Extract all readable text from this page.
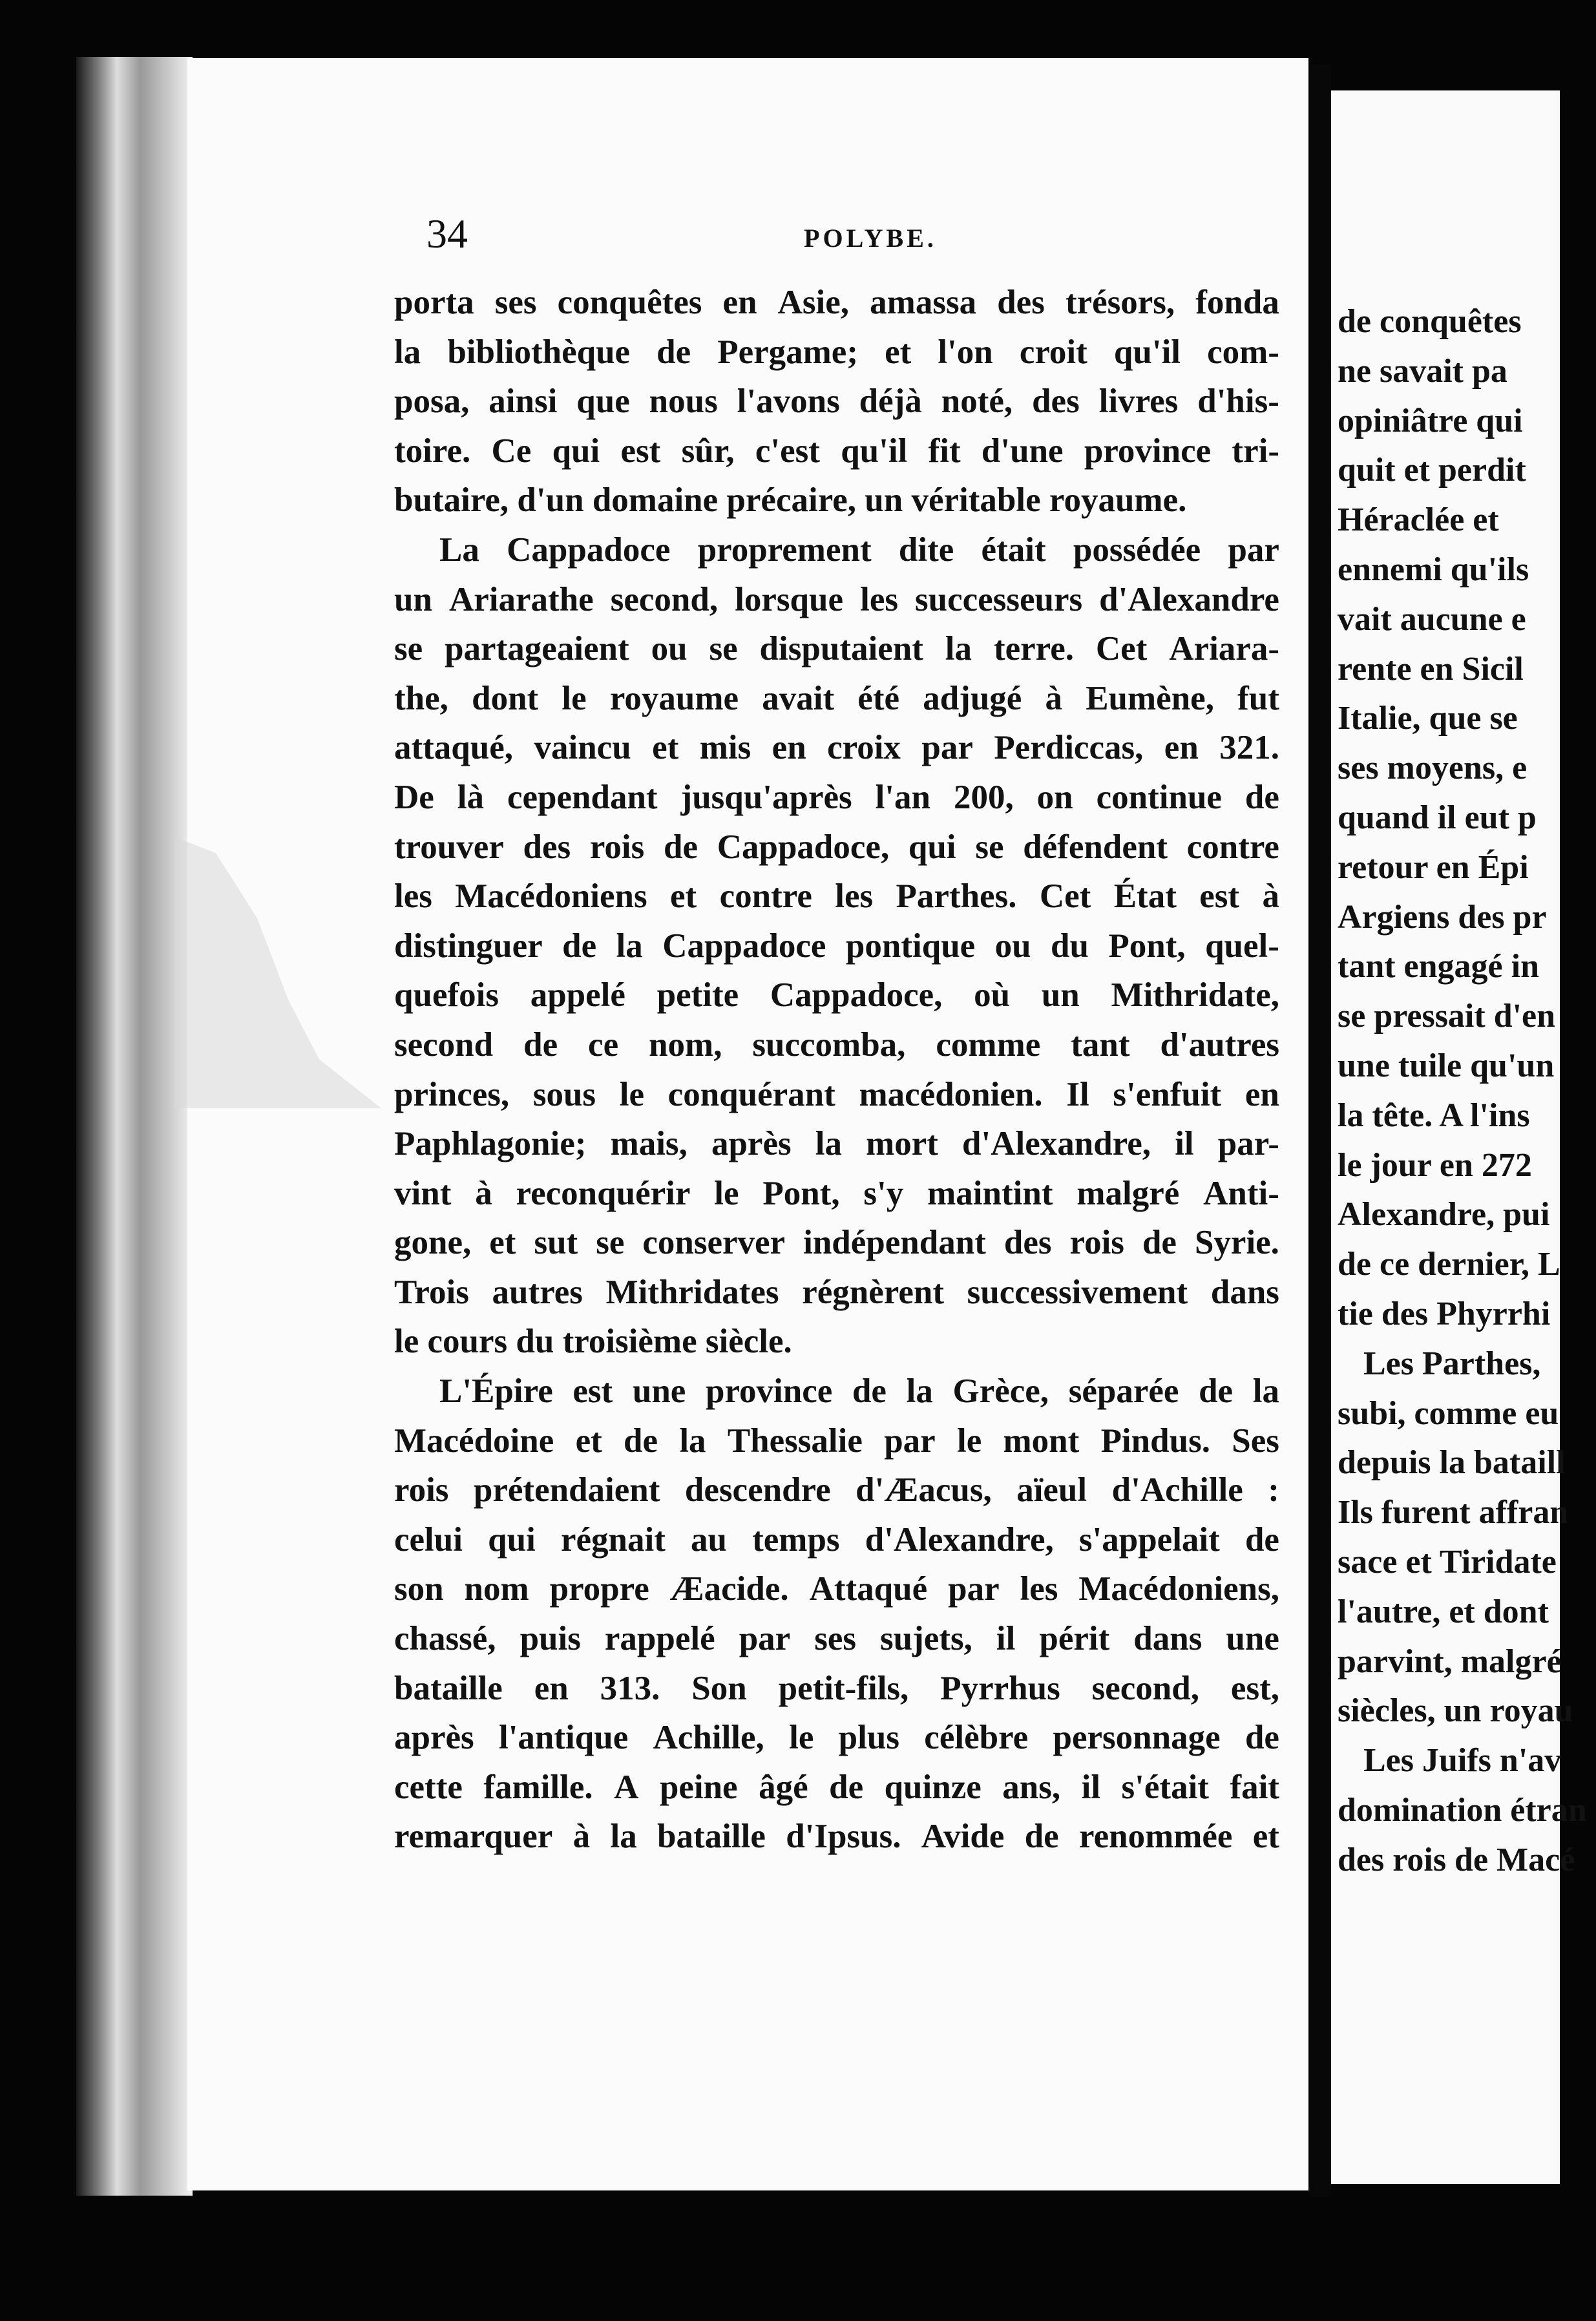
de conquêtes
ne savait pa
opiniâtre qui
quit et perdit
Héraclée et
ennemi qu'ils
vait aucune e
rente en Sicil
Italie, que se
ses moyens, e
quand il eut p
retour en Épi
Argiens des pr
tant engagé in
se pressait d'en
une tuile qu'un
la tête. A l'ins
le jour en 272
Alexandre, pui
de ce dernier, L
tie des Phyrrhi
Les Parthes,
subi, comme eu
depuis la bataill
Ils furent affran
sace et Tiridate
l'autre, et dont
parvint, malgré
siècles, un royau
Les Juifs n'av
domination étran
des rois de Macé
34	POLYBE.
porta ses conquêtes en Asie, amassa des trésors, fonda
la bibliothèque de Pergame; et l'on croit qu'il com-
posa, ainsi que nous l'avons déjà noté, des livres d'his-
toire. Ce qui est sûr, c'est qu'il fit d'une province tri-
butaire, d'un domaine précaire, un véritable royaume.
La Cappadoce proprement dite était possédée par
un Ariarathe second, lorsque les successeurs d'Alexandre
se partageaient ou se disputaient la terre. Cet Ariara-
the, dont le royaume avait été adjugé à Eumène, fut
attaqué, vaincu et mis en croix par Perdiccas, en 321.
De là cependant jusqu'après l'an 200, on continue de
trouver des rois de Cappadoce, qui se défendent contre
les Macédoniens et contre les Parthes. Cet État est à
distinguer de la Cappadoce pontique ou du Pont, quel-
quefois appelé petite Cappadoce, où un Mithridate,
second de ce nom, succomba, comme tant d'autres
princes, sous le conquérant macédonien. Il s'enfuit en
Paphlagonie; mais, après la mort d'Alexandre, il par-
vint à reconquérir le Pont, s'y maintint malgré Anti-
gone, et sut se conserver indépendant des rois de Syrie.
Trois autres Mithridates régnèrent successivement dans
le cours du troisième siècle.
L'Épire est une province de la Grèce, séparée de la
Macédoine et de la Thessalie par le mont Pindus. Ses
rois prétendaient descendre d'Æacus, aïeul d'Achille :
celui qui régnait au temps d'Alexandre, s'appelait de
son nom propre Æacide. Attaqué par les Macédoniens,
chassé, puis rappelé par ses sujets, il périt dans une
bataille en 313. Son petit-fils, Pyrrhus second, est,
après l'antique Achille, le plus célèbre personnage de
cette famille. A peine âgé de quinze ans, il s'était fait
remarquer à la bataille d'Ipsus. Avide de renommée et
